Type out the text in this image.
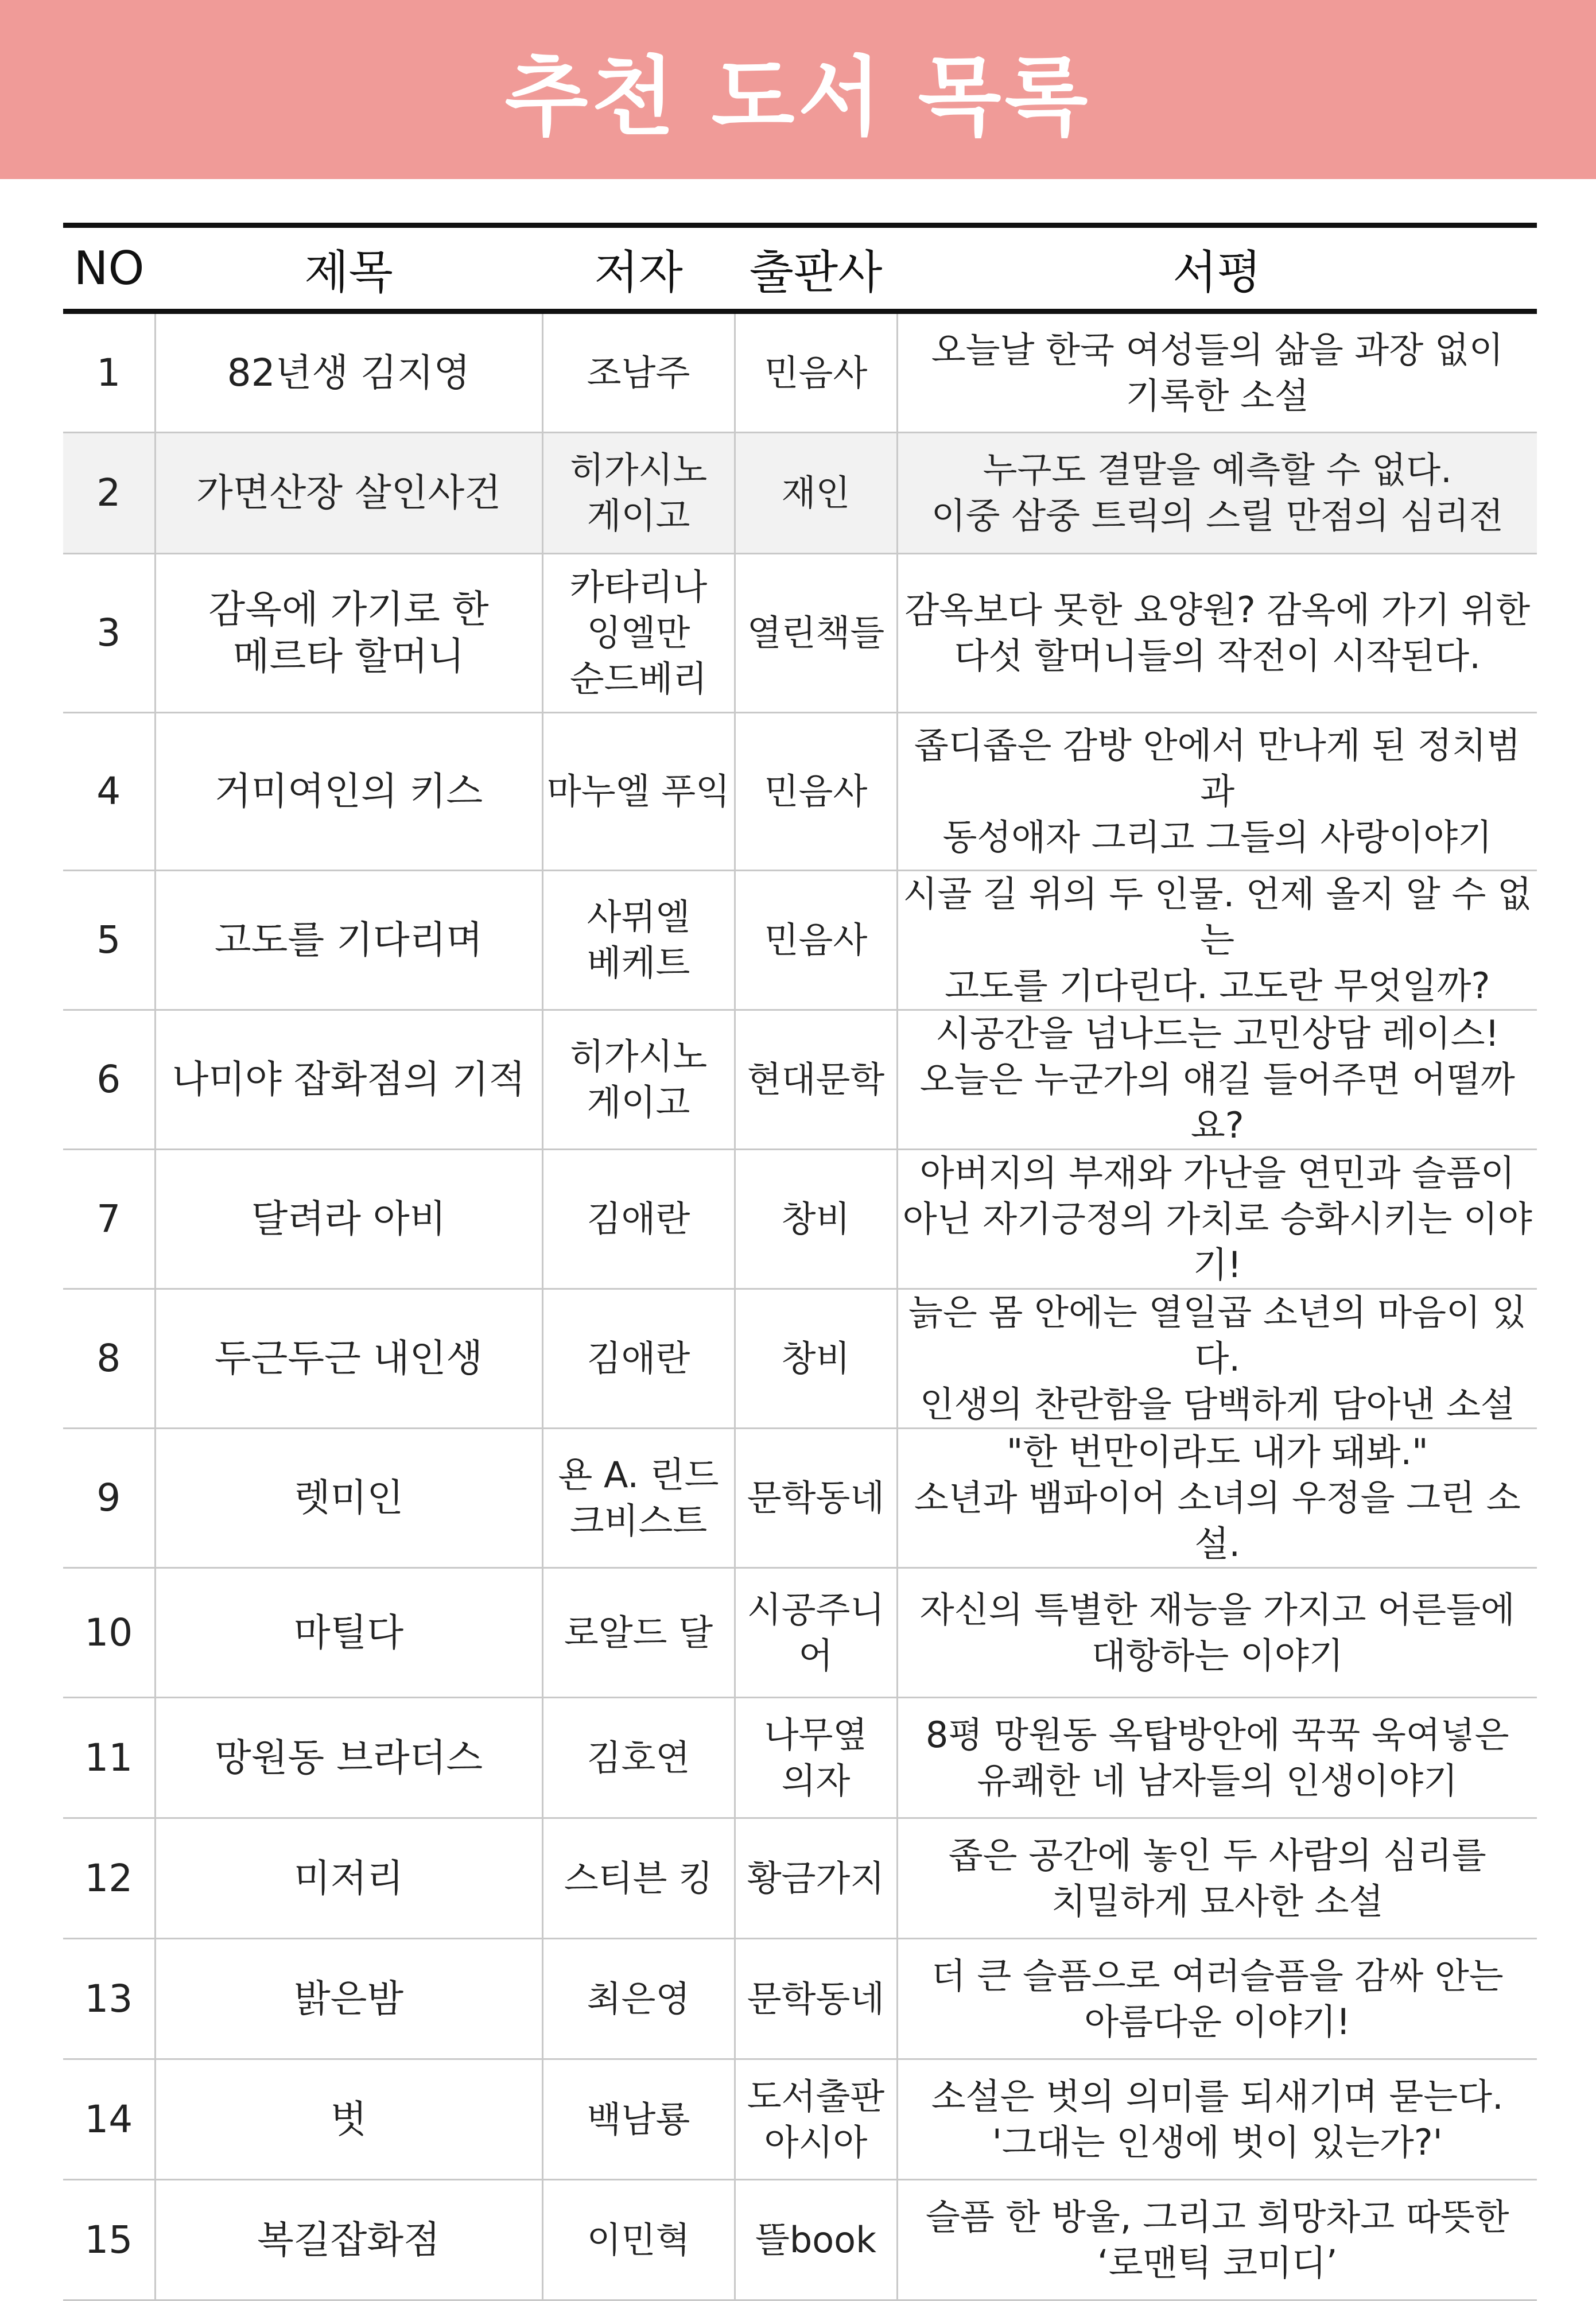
추천 도서 목록
NO	제목	저자	출판사	서평
1	82년생 김지영	조남주	민음사	오늘날 한국 여성들의 삶을 과장 없이
기록한 소설
2	가면산장 살인사건	히가시노
게이고	재인	누구도 결말을 예측할 수 없다.
이중 삼중 트릭의 스릴 만점의 심리전
3	감옥에 가기로 한
메르타 할머니	카타리나
잉엘만
순드베리	열린책들	감옥보다 못한 요양원? 감옥에 가기 위한
다섯 할머니들의 작전이 시작된다.
4	거미여인의 키스	마누엘 푸익	민음사	좁디좁은 감방 안에서 만나게 된 정치범과
동성애자 그리고 그들의 사랑이야기
5	고도를 기다리며	사뮈엘
베케트	민음사	시골 길 위의 두 인물. 언제 올지 알 수 없는
고도를 기다린다. 고도란 무엇일까?
6	나미야 잡화점의 기적	히가시노
게이고	현대문학	시공간을 넘나드는 고민상담 레이스!
오늘은 누군가의 얘길 들어주면 어떨까요?
7	달려라 아비	김애란	창비	아버지의 부재와 가난을 연민과 슬픔이
아닌 자기긍정의 가치로 승화시키는 이야기!
8	두근두근 내인생	김애란	창비	늙은 몸 안에는 열일곱 소년의 마음이 있다.
인생의 찬란함을 담백하게 담아낸 소설
9	렛미인	욘 A. 린드
크비스트	문학동네	"한 번만이라도 내가 돼봐."
소년과 뱀파이어 소녀의 우정을 그린 소설.
10	마틸다	로알드 달	시공주니어	자신의 특별한 재능을 가지고 어른들에
대항하는 이야기
11	망원동 브라더스	김호연	나무옆
의자	8평 망원동 옥탑방안에 꾹꾹 욱여넣은
유쾌한 네 남자들의 인생이야기
12	미저리	스티븐 킹	황금가지	좁은 공간에 놓인 두 사람의 심리를
치밀하게 묘사한 소설
13	밝은밤	최은영	문학동네	더 큰 슬픔으로 여러슬픔을 감싸 안는
아름다운 이야기!
14	벗	백남룡	도서출판
아시아	소설은 벗의 의미를 되새기며 묻는다.
'그대는 인생에 벗이 있는가?'
15	복길잡화점	이민혁	뜰book	슬픔 한 방울, 그리고 희망차고 따뜻한
‘로맨틱 코미디’
